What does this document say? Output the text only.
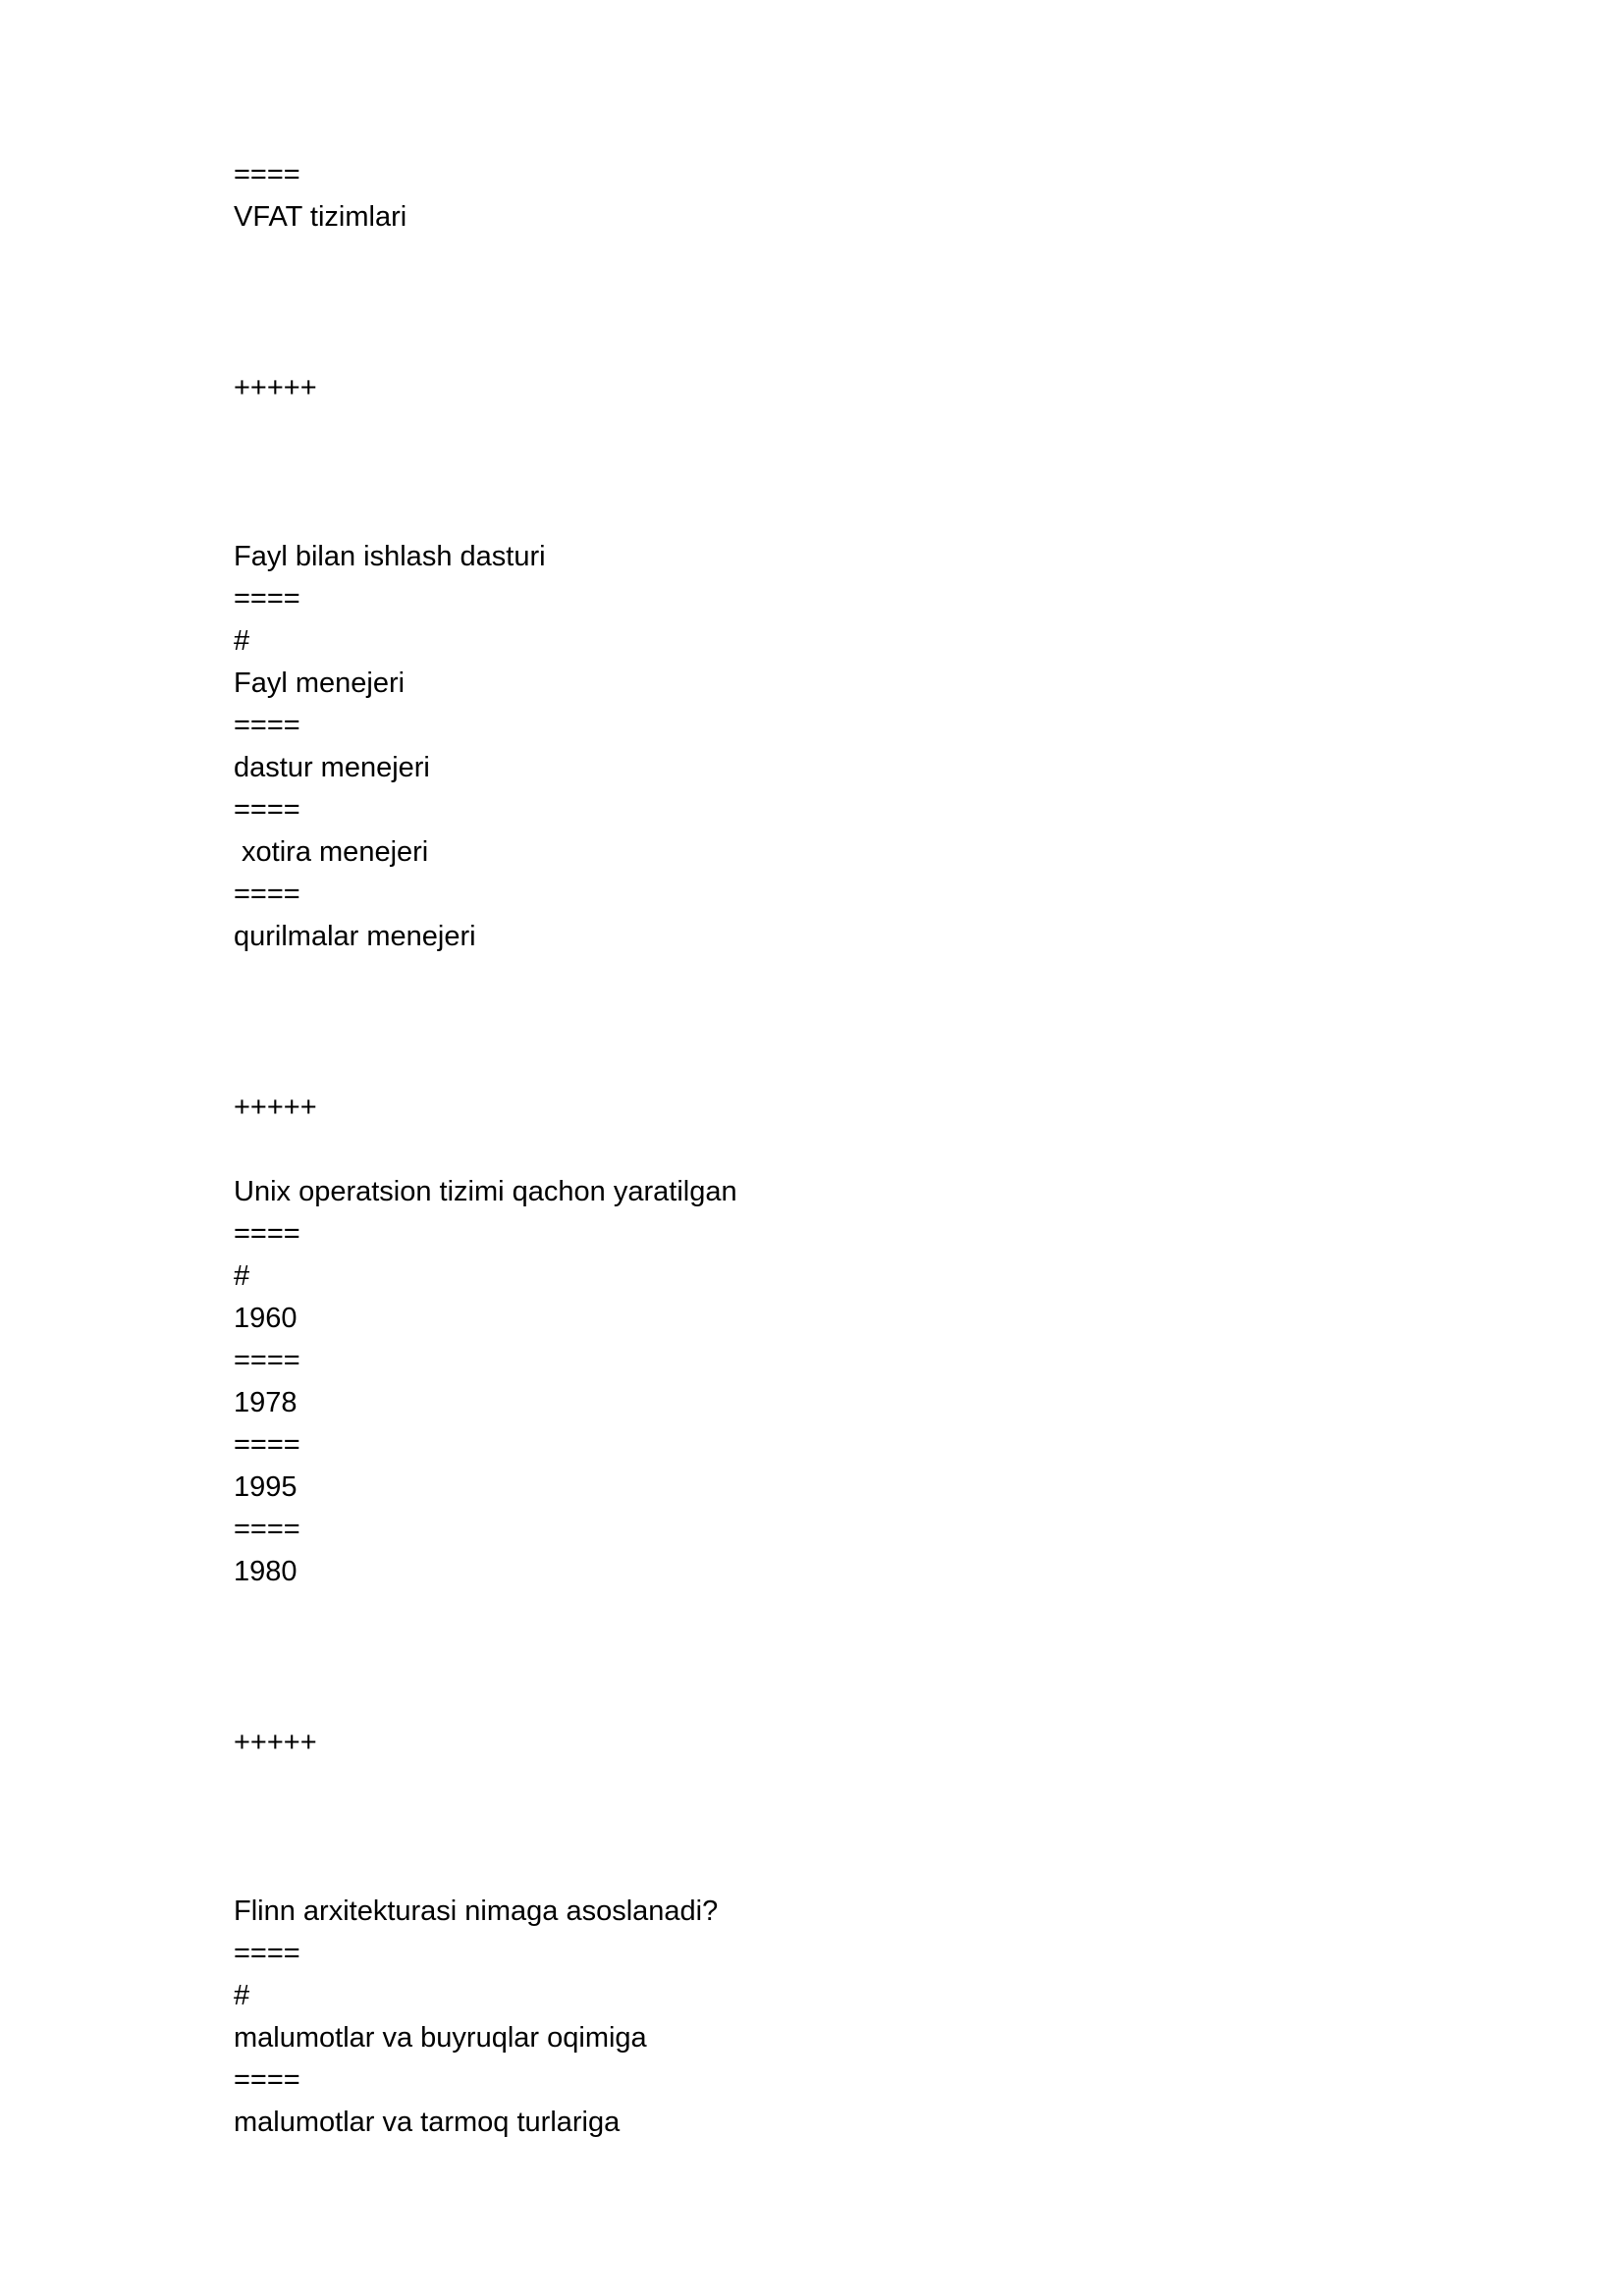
====
VFAT tizimlari
+++++
Fayl bilan ishlash dasturi
====
#
Fayl menejeri
====
dastur menejeri
====
xotira menejeri
====
qurilmalar menejeri
+++++
Unix operatsion tizimi qachon yaratilgan
====
#
1960
====
1978
====
1995
====
1980
+++++
Flinn arxitekturasi nimaga asoslanadi?
====
#
malumotlar va buyruqlar oqimiga
====
malumotlar va tarmoq turlariga
